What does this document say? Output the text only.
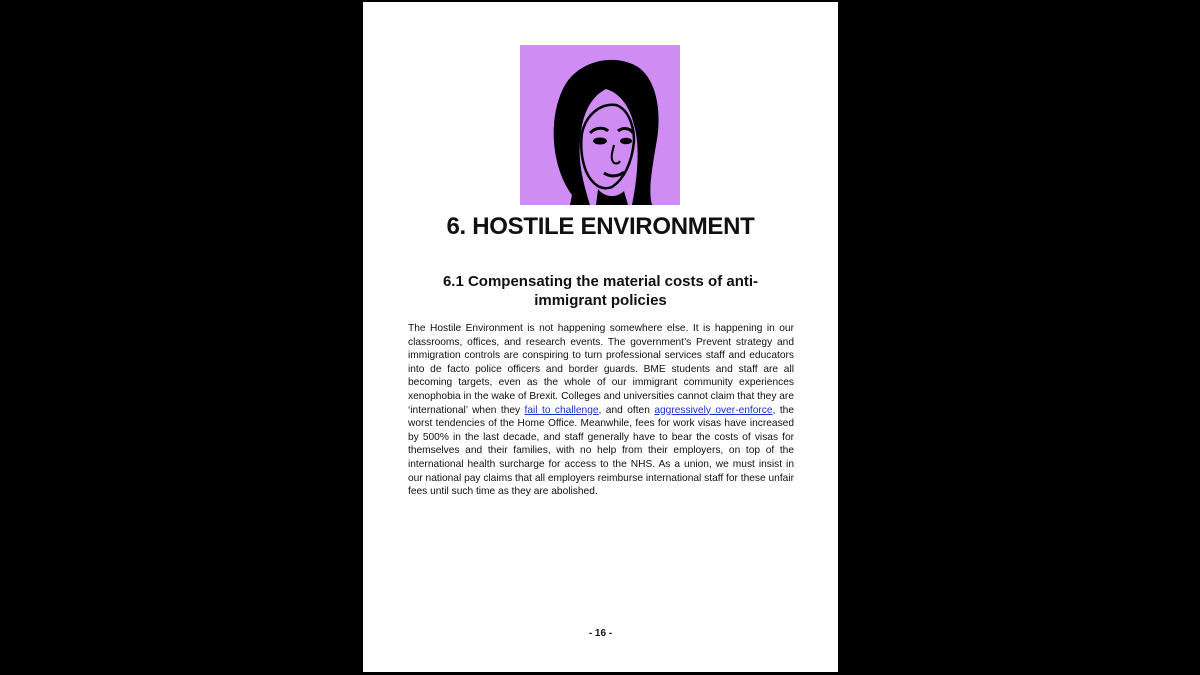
6. HOSTILE ENVIRONMENT
6.1 Compensating the material costs of anti-immigrant policies

The Hostile Environment is not happening somewhere else. It is happening in our classrooms, offices, and research events. The government’s Prevent strategy and immigration controls are conspiring to turn professional services staff and educators into de facto police officers and border guards. BME students and staff are all becoming targets, even as the whole of our immigrant community experiences xenophobia in the wake of Brexit. Colleges and universities cannot claim that they are ‘international’ when they fail to challenge, and often aggressively over-enforce, the worst tendencies of the Home Office. Meanwhile, fees for work visas have increased by 500% in the last decade, and staff generally have to bear the costs of visas for themselves and their families, with no help from their employers, on top of the international health surcharge for access to the NHS. As a union, we must insist in our national pay claims that all employers reimburse international staff for these unfair fees until such time as they are abolished.

- 16 -
